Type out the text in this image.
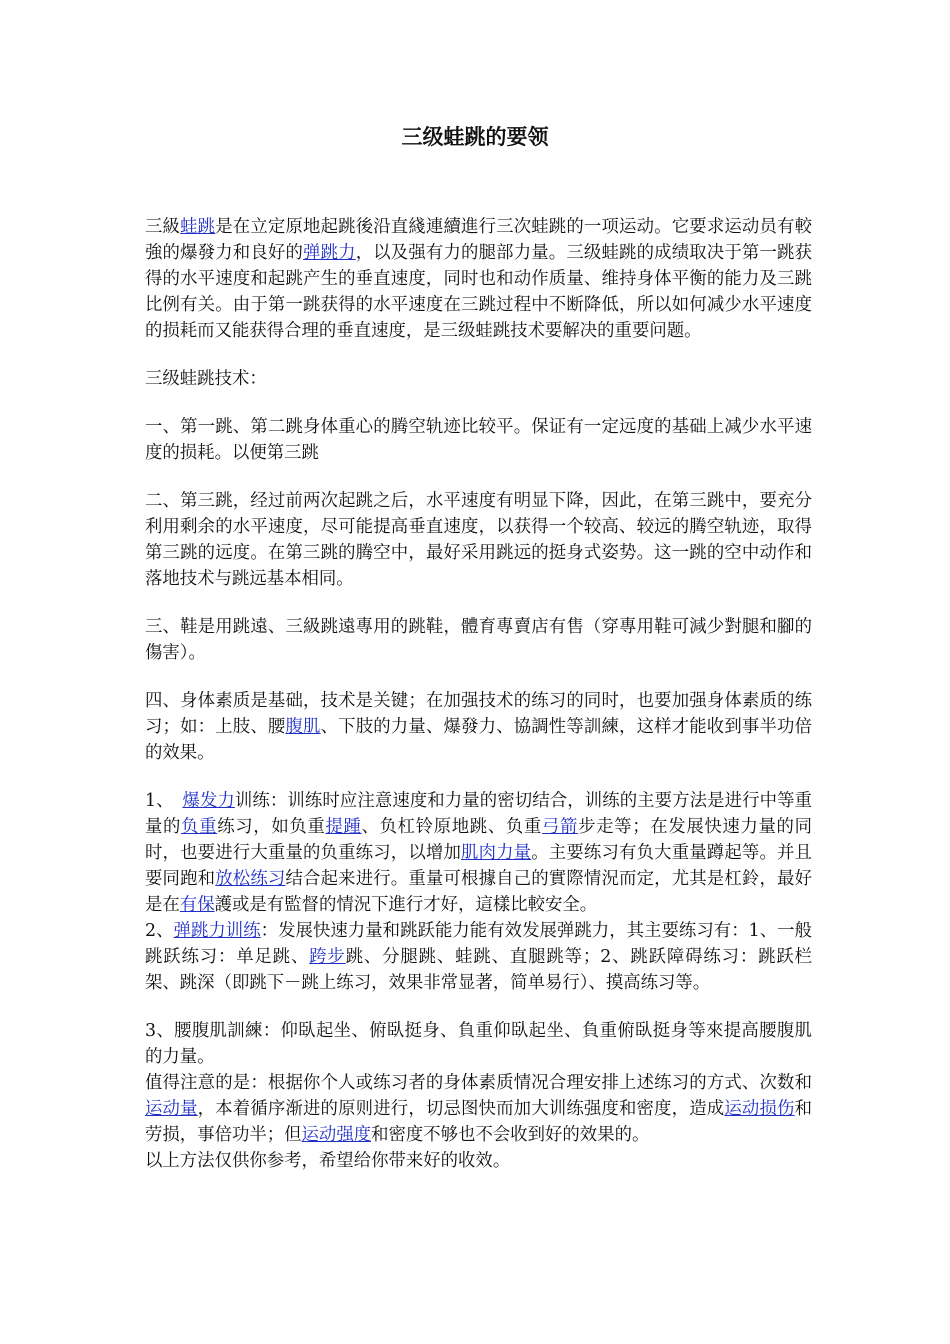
三级蛙跳的要领

三級蛙跳是在立定原地起跳後沿直綫連續進行三次蛙跳的一项运动。它要求运动员有較強的爆發力和良好的弹跳力，以及强有力的腿部力量。三级蛙跳的成绩取决于第一跳获得的水平速度和起跳产生的垂直速度，同时也和动作质量、维持身体平衡的能力及三跳比例有关。由于第一跳获得的水平速度在三跳过程中不断降低，所以如何减少水平速度的损耗而又能获得合理的垂直速度，是三级蛙跳技术要解决的重要问题。

三级蛙跳技术：

一、第一跳、第二跳身体重心的腾空轨迹比较平。保证有一定远度的基础上减少水平速度的损耗。以便第三跳

二、第三跳，经过前两次起跳之后，水平速度有明显下降，因此，在第三跳中，要充分利用剩余的水平速度，尽可能提高垂直速度，以获得一个较高、较远的腾空轨迹，取得第三跳的远度。在第三跳的腾空中，最好采用跳远的挺身式姿势。这一跳的空中动作和落地技术与跳远基本相同。

三、鞋是用跳遠、三級跳遠專用的跳鞋，體育專賣店有售（穿專用鞋可減少對腿和腳的傷害）。

四、身体素质是基础，技术是关键；在加强技术的练习的同时，也要加强身体素质的练习；如：上肢、腰腹肌、下肢的力量、爆發力、協調性等訓練，这样才能收到事半功倍的效果。

1、　爆发力训练：训练时应注意速度和力量的密切结合，训练的主要方法是进行中等重量的负重练习，如负重提踵、负杠铃原地跳、负重弓箭步走等；在发展快速力量的同时，也要进行大重量的负重练习，以增加肌肉力量。主要练习有负大重量蹲起等。并且要同跑和放松练习结合起来进行。重量可根據自己的實際情況而定，尤其是杠鈴，最好是在有保護或是有監督的情況下進行才好，這樣比較安全。

2、弹跳力训练：发展快速力量和跳跃能力能有效发展弹跳力，其主要练习有：1、一般跳跃练习：单足跳、跨步跳、分腿跳、蛙跳、直腿跳等；2、跳跃障碍练习：跳跃栏架、跳深（即跳下－跳上练习，效果非常显著，简单易行）、摸高练习等。

3、腰腹肌訓練：仰臥起坐、俯臥挺身、負重仰臥起坐、負重俯臥挺身等來提高腰腹肌的力量。

值得注意的是：根据你个人或练习者的身体素质情况合理安排上述练习的方式、次数和运动量，本着循序渐进的原则进行，切忌图快而加大训练强度和密度，造成运动损伤和劳损，事倍功半；但运动强度和密度不够也不会收到好的效果的。

以上方法仅供你参考，希望给你带来好的收效。
